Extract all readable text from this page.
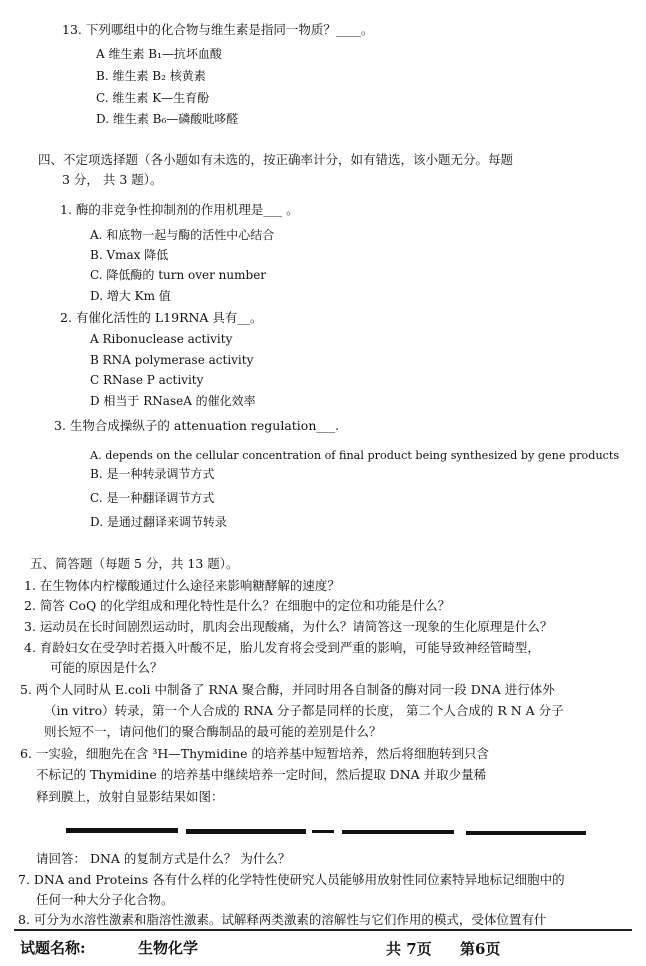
13. 下列哪组中的化合物与维生素是指同一物质？____。
A 维生素 B₁—抗坏血酸
B. 维生素 B₂ 核黄素
C. 维生素 K—生育酚
D. 维生素 B₆—磷酸吡哆醛
四、不定项选择题（各小题如有未选的，按正确率计分，如有错选，该小题无分。每题
3 分， 共 3 题）。
1. 酶的非竞争性抑制剂的作用机理是___ 。
A. 和底物一起与酶的活性中心结合
B. Vmax 降低
C. 降低酶的 turn over number
D. 增大 Km 值
2. 有催化活性的 L19RNA 具有__。
A Ribonuclease activity
B RNA polymerase activity
C RNase P activity
D 相当于 RNaseA 的催化效率
3. 生物合成操纵子的 attenuation regulation___.
A. depends on the cellular concentration of final product being synthesized by gene products
B. 是一种转录调节方式
C. 是一种翻译调节方式
D. 是通过翻译来调节转录
五、简答题（每题 5 分，共 13 题）。
1. 在生物体内柠檬酸通过什么途径来影响糖酵解的速度？
2. 简答 CoQ 的化学组成和理化特性是什么？在细胞中的定位和功能是什么？
3. 运动员在长时间剧烈运动时，肌肉会出现酸痛，为什么？请简答这一现象的生化原理是什么？
4. 育龄妇女在受孕时若摄入叶酸不足，胎儿发育将会受到严重的影响，可能导致神经管畸型，
可能的原因是什么？
5. 两个人同时从 E.coli 中制备了 RNA 聚合酶，并同时用各自制备的酶对同一段 DNA 进行体外
（in vitro）转录，第一个人合成的 RNA 分子都是同样的长度， 第二个人合成的 R N A 分子
则长短不一，请问他们的聚合酶制品的最可能的差别是什么？
6. 一实验，细胞先在含 ³H—Thymidine 的培养基中短暂培养，然后将细胞转到只含
不标记的 Thymidine 的培养基中继续培养一定时间，然后提取 DNA 并取少量稀
释到膜上，放射自显影结果如图：
请回答： DNA 的复制方式是什么？ 为什么？
7. DNA and Proteins 各有什么样的化学特性使研究人员能够用放射性同位素特异地标记细胞中的
任何一种大分子化合物。
8. 可分为水溶性激素和脂溶性激素。试解释两类激素的溶解性与它们作用的模式，受体位置有什
试题名称:	生物化学	共 7页 第6页
